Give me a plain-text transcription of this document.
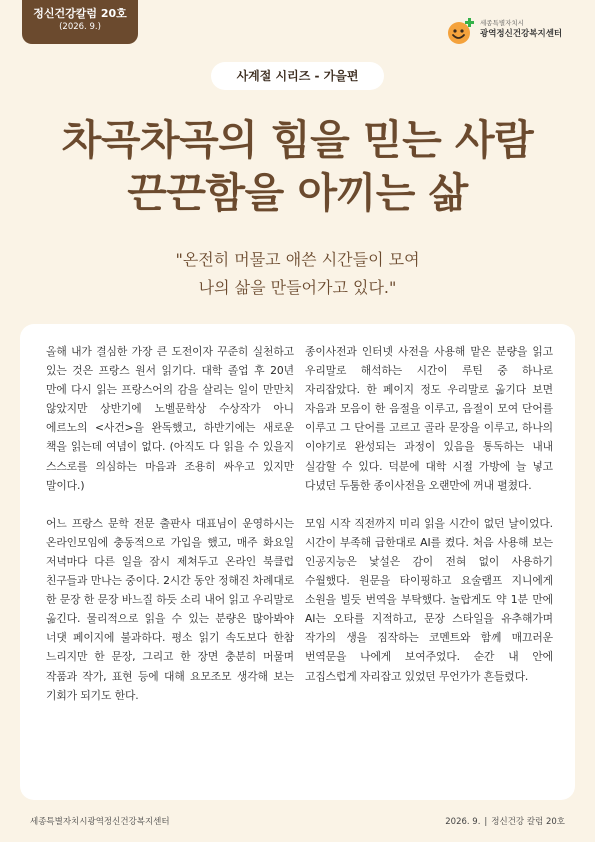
정신건강칼럼 20호
(2026. 9.)	세종특별자치시
광역정신건강복지센터
사계절 시리즈 - 가을편
차곡차곡의 힘을 믿는 사람
끈끈함을 아끼는 삶
"온전히 머물고 애쓴 시간들이 모여
나의 삶을 만들어가고 있다."

올해 내가 결심한 가장 큰 도전이자 꾸준히 실천하고 있는 것은 프랑스 원서 읽기다. 대학 졸업 후 20년 만에 다시 읽는 프랑스어의 감을 살리는 일이 만만치 않았지만 상반기에 노벨문학상 수상작가 아니 에르노의 <사건>을 완독했고, 하반기에는 새로운 책을 읽는데 여념이 없다. (아직도 다 읽을 수 있을지 스스로를 의심하는 마음과 조용히 싸우고 있지만 말이다.)

어느 프랑스 문학 전문 출판사 대표님이 운영하시는 온라인모임에 충동적으로 가입을 했고, 매주 화요일 저녁마다 다른 일을 잠시 제쳐두고 온라인 북클럽 친구들과 만나는 중이다. 2시간 동안 정해진 차례대로 한 문장 한 문장 바느질 하듯 소리 내어 읽고 우리말로 옮긴다. 물리적으로 읽을 수 있는 분량은 많아봐야 너댓 페이지에 불과하다. 평소 읽기 속도보다 한참 느리지만 한 문장, 그리고 한 장면 충분히 머물며 작품과 작가, 표현 등에 대해 요모조모 생각해 보는 기회가 되기도 한다.

종이사전과 인터넷 사전을 사용해 맡은 분량을 읽고 우리말로 해석하는 시간이 루틴 중 하나로 자리잡았다. 한 페이지 정도 우리말로 옮기다 보면 자음과 모음이 한 음절을 이루고, 음절이 모여 단어를 이루고 그 단어를 고르고 골라 문장을 이루고, 하나의 이야기로 완성되는 과정이 있음을 통독하는 내내 실감할 수 있다. 덕분에 대학 시절 가방에 늘 넣고 다녔던 두툼한 종이사전을 오랜만에 꺼내 펼쳤다.

모임 시작 직전까지 미리 읽을 시간이 없던 날이었다. 시간이 부족해 급한대로 AI를 켰다. 처음 사용해 보는 인공지능은 낯설은 감이 전혀 없이 사용하기 수월했다. 원문을 타이핑하고 요술램프 지니에게 소원을 빌듯 번역을 부탁했다. 놀랍게도 약 1분 만에 AI는 오타를 지적하고, 문장 스타일을 유추해가며 작가의 생을 짐작하는 코멘트와 함께 매끄러운 번역문을 나에게 보여주었다. 순간 내 안에 고집스럽게 자리잡고 있었던 무언가가 흔들렸다.

세종특별자치시광역정신건강복지센터	2026. 9. | 정신건강 칼럼 20호
